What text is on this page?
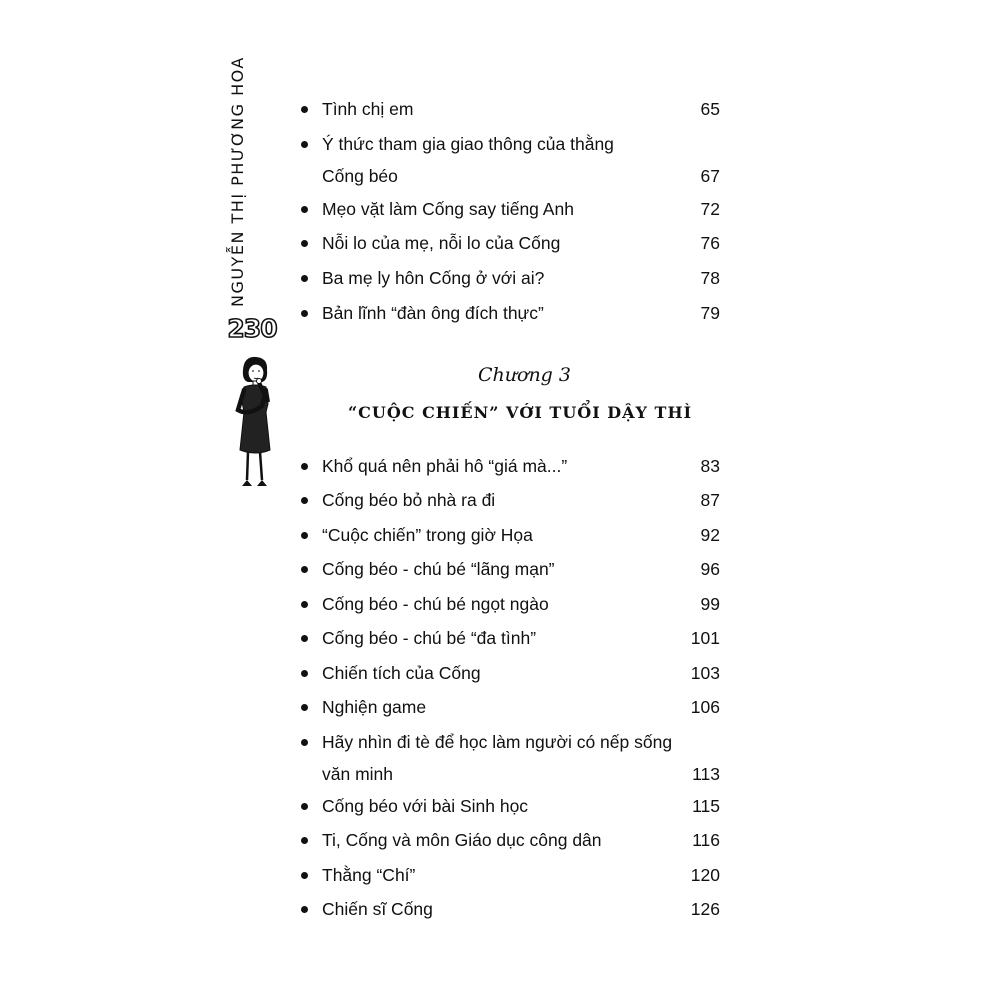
NGUYỄN THỊ PHƯƠNG HOA
230
Tình chị em	65
Ý thức tham gia giao thông của thằng
Cống béo	67
Mẹo vặt làm Cống say tiếng Anh	72
Nỗi lo của mẹ, nỗi lo của Cống	76
Ba mẹ ly hôn Cống ở với ai?	78
Bản lĩnh “đàn ông đích thực”	79
Khổ quá nên phải hô “giá mà...”	83
Cống béo bỏ nhà ra đi	87
“Cuộc chiến” trong giờ Họa	92
Cống béo - chú bé “lãng mạn”	96
Cống béo - chú bé ngọt ngào	99
Cống béo - chú bé “đa tình”	101
Chiến tích của Cống	103
Nghiện game	106
Hãy nhìn đi tè để học làm người có nếp sống
văn minh	113
Cống béo với bài Sinh học	115
Ti, Cống và môn Giáo dục công dân	116
Thằng “Chí”	120
Chiến sĩ Cống	126
Chương 3
“CUỘC CHIẾN” VỚI TUỔI DẬY THÌ
